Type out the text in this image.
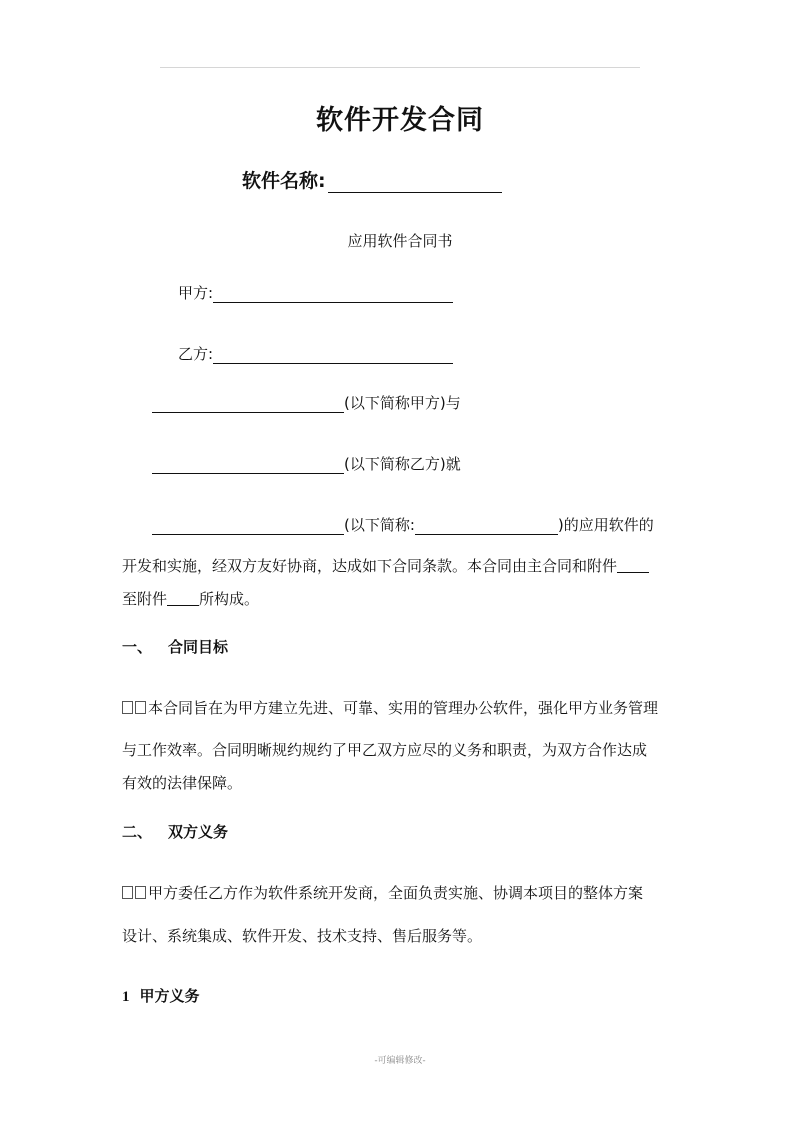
软件开发合同
软件名称:
应用软件合同书
甲方:
乙方:
(以下简称甲方)与
(以下简称乙方)就
(以下简称:	)的应用软件的
开发和实施，经双方友好协商，达成如下合同条款。本合同由主合同和附件
至附件 所构成。
一、 合同目标
本合同旨在为甲方建立先进、可靠、实用的管理办公软件，强化甲方业务管理
与工作效率。合同明晰规约规约了甲乙双方应尽的义务和职责，为双方合作达成
有效的法律保障。
二、 双方义务
甲方委任乙方作为软件系统开发商，全面负责实施、协调本项目的整体方案
设计、系统集成、软件开发、技术支持、售后服务等。
1 甲方义务
-可编辑修改-
